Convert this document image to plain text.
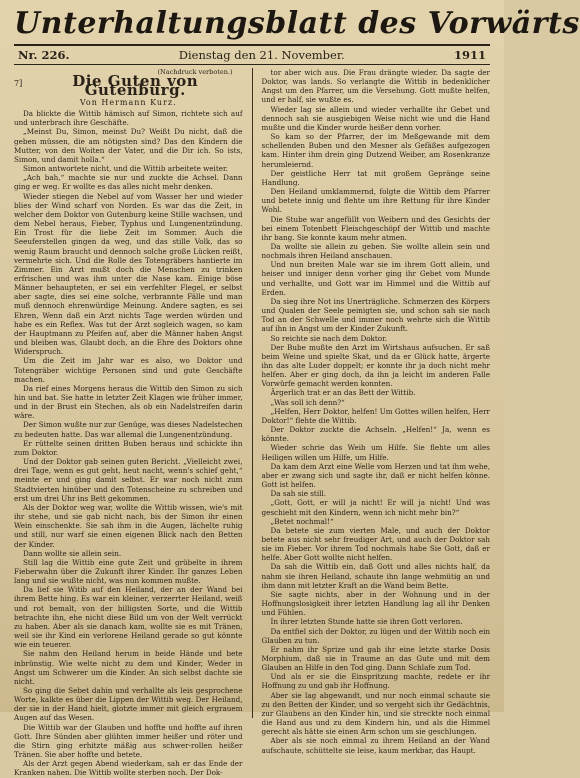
Unterhaltungsblatt des Vorwärts
Nr. 226.	Dienstag den 21. November.	1911
(Nachdruck verboten.)
7]	Die Guten von Gutenburg.
Von Hermann Kurz.

Da blickte die Wittib hämisch auf Simon, richtete sich auf und unterbrach ihre Geschäfte.

„Meinst Du, Simon, meinst Du? Weißt Du nicht, daß die geben müssen, die am nötigsten sind? Das den Kindern die Mutter, von den Woiten der Vater, und die Dir ich. So ists, Simon, und damit holla.“

Simon antwortete nicht, und die Wittib arbeitete weiter.

„Ach bah,“ machte sie nur und zuckte die Achsel. Dann ging er weg. Er wollte es das alles nicht mehr denken.

Wieder stiegen die Nebel auf vom Wasser her und wieder blies der Wind scharf von Norden. Es war das die Zeit, in welcher dem Doktor von Gutenburg keine Stille wachsen, und dem Nebel heraus, Fieber, Typhus und Lungenentzündung. Ein Trost für die liebe Zeit im Sommer. Auch die Seeuferstellen gingen da weg, und das stille Volk, das so wenig Raum braucht und dennoch solche große Lücken reißt, vermehrte sich. Und die Rolle des Totengräbers hantierte im Zimmer. Ein Arzt mußt doch die Menschen zu trinken erfrischen und was ihm unter die Nase kam. Einige böse Männer behaupteten, er sei ein verfehlter Flegel, er selbst aber sagte, dies sei eine solche, verbrannte Fälle und man muß dennoch ehrenwürdige Meinung. Andere sagten, es sei Ehren, Wenn daß ein Arzt nichts Tage werden würden und habe es ein Reflex. Was tut der Arzt sogleich wagen, so kam der Hauptmann zu Pfeifen auf, aber die Männer haben Angst und bleiben was, Glaubt doch, an die Ehre des Doktors ohne Widerspruch.

Um die Zeit im Jahr war es also, wo Doktor und Totengräber wichtige Personen sind und gute Geschäfte machen.

Da rief eines Morgens heraus die Wittib den Simon zu sich hin und bat. Sie hatte in letzter Zeit Klagen wie früher immer, und in der Brust ein Stechen, als ob ein Nadelstreifen darin wäre.

Der Simon wußte nur zur Genüge, was dieses Nadelstechen zu bedeuten hatte. Das war allemal die Lungenentzündung.

Er rüttelte seinen dritten Buben heraus und schickte ihn zum Doktor.

Und der Doktor gab seinen guten Bericht. „Vielleicht zwei, drei Tage, wenn es gut geht, heut nacht, wenn's schief geht,“ meinte er und ging damit selbst. Er war noch nicht zum Stadtvierten hinüber und den Totenscheine zu schreiben und erst um drei Uhr ins Bett gekommen.

Als der Doktor weg war, wollte die Wittib wissen, wie's mit ihr stehe, und sie gab nicht nach, bis der Simon ihr einen Wein einschenkte. Sie sah ihm in die Augen, lächelte ruhig und still, nur warf sie einen eigenen Blick nach den Betten der Kinder.

Dann wollte sie allein sein.

Still lag die Wittib eine gute Zeit und grübelte in ihrem Fieberwahn über die Zukunft ihrer Kinder. Ihr ganzes Leben lang und sie wußte nicht, was nun kommen mußte.

Da lief sie Witib auf den Heiland, der an der Wand bei ihrem Bette hing. Es war ein kleiner, verzerrter Heiland, weiß und rot bemalt, von der billigsten Sorte, und die Wittib betrachte ihn, ehe nicht diese Bild um von der Welt verrückt zu haben. Aber als sie danach kam, wollte sie es mit Tränen, weil sie ihr Kind ein verlorene Heiland gerade so gut könnte wie ein teuerer.

Sie nahm den Heiland herum in beide Hände und bete inbrünstig. Wie welte nicht zu dem und Kinder, Weder in Angst um Schwerer um die Kinder. An sich selbst dachte sie nicht.

So ging die Sebet dahin und verhallte als leis gesprochene Worte, kalkte es über die Lippen der Wittib weg. Der Heiland, der sie in der Hand hielt, glotzte immer mit gleich ergrauem Augen auf das Wesen.

Die Wittib war der Glauben und hoffte und hoffte auf ihren Gott. Ihre Sünden aber glühten immer heißer und röter und die Stirn ging erhitzte mäßig aus schwer-rollen heißer Tränen. Sie aber hoffte und betete.

Als der Arzt gegen Abend wiederkam, sah er das Ende der Kranken nahen. Die Wittib wollte sterben noch. Der Dok-

tor aber wich aus. Die Frau drängte wieder. Da sagte der Doktor, was lands. So verlangte die Wittib in bedenklicher Angst um den Pfarrer, um die Versehung. Gott mußte helfen, und er half, sie wußte es.

Wieder lag sie allein und wieder verhallte ihr Gebet und dennoch sah sie ausgiebigen Weise nicht wie und die Hand mußte und die Kinder wurde heißer denn vorher.

So kam so der Pfarrer, der im Meßgewande mit dem schellenden Buben und den Mesner als Gefäßes aufgezogen kam. Hinter ihm drein ging Dutzend Weiber, am Rosenkranze herumleiernd.

Der geistliche Herr tat mit großem Gepränge seine Handlung.

Den Heiland umklammernd, folgte die Wittib dem Pfarrer und betete innig und flehte um ihre Rettung für ihre Kinder Wohl.

Die Stube war angefüllt von Weibern und des Gesichts der bei einem Totenbett Fleischgeschöpf der Wittib und machte ihr bang. Sie konnte kaum mehr atmen.

Da wollte sie allein zu geben. Sie wollte allein sein und nochmals ihren Heiland anschauen.

Und nun breiten Male war sie im ihrem Gott allein, und heiser und inniger denn vorher ging ihr Gebet vom Munde und verhallte, und Gott war im Himmel und die Wittib auf Erden.

Da sieg ihre Not ins Unerträgliche. Schmerzen des Körpers und Qualen der Seele peinigten sie, und schon sah sie nach Tod an der Schwelle und immer noch wehrte sich die Wittib auf ihn in Angst um der Kinder Zukunft.

So reichte sie nach dem Doktor.

Der Bube mußte den Arzt im Wirtshaus aufsuchen. Er saß beim Weine und spielte Skat, und da er Glück hatte, ärgerte ihn das alte Luder doppelt; er konnte ihr ja doch nicht mehr helfen. Aber er ging doch, da ihn ja leicht im anderen Falle Vorwürfe gemacht werden konnten.

Ärgerlich trat er an das Bett der Wittib.

„Was soll ich denn?“

„Helfen, Herr Doktor, helfen! Um Gottes willen helfen, Herr Doktor!“ flehte die Wittib.

Der Doktor zuckte die Achseln. „Helfen!“ Ja, wenn es könnte.

Wieder schrie das Weib um Hilfe. Sie flehte um alles Heiligen willen um Hilfe, um Hilfe.

Da kam dem Arzt eine Welle vom Herzen und tat ihm wehe, aber er zwang sich und sagte ihr, daß er nicht helfen könne. Gott ist helfen.

Da sah sie still.

„Gott, Gott, er will ja nicht! Er will ja nicht! Und was geschieht mit den Kindern, wenn ich nicht mehr bin?“

„Betet nochmal!“

Da betete sie zum vierten Male, und auch der Doktor betete aus nicht sehr freudiger Art, und auch der Doktor sah sie im Fieber. Vor ihrem Tod nochmals habe Sie Gott, daß er helfe. Aber Gott wollte nicht helfen.

Da sah die Wittib ein, daß Gott und alles nichts half, da nahm sie ihren Heiland, schaute ihn lange wehmütig an und ihm dann mit letzter Kraft an die Wand beim Bette.

Sie sagte nichts, aber in der Wohnung und in der Hoffnungslosigkeit ihrer letzten Handlung lag all ihr Denken und Fühlen.

In ihrer letzten Stunde hatte sie ihren Gott verloren.

Da entfiel sich der Doktor, zu lügen und der Wittib noch ein Glauben zu tun.

Er nahm ihr Sprize und gab ihr eine letzte starke Dosis Morphium, daß sie in Traume an das Gute und mit dem Glauben an Hilfe in den Tod ging. Dann Schlafe zum Tod.

Und als er sie die Einspritzung machte, redete er ihr Hoffnung zu und gab ihr Hoffnung.

Aber sie lag abgewandt, und nur noch einmal schaute sie zu den Betten der Kinder, und so vergeht sich ihr Gedächtnis, zur Glaubens an den Kinder hin, und sie streckte noch einmal die Hand aus und zu dem Kindern hin, und als die Himmel gerecht als hätte sie einen Arm schon um sie geschlungen.

Aber als sie noch einmal zu ihrem Heiland an der Wand aufschaute, schüttelte sie leise, kaum merkbar, das Haupt.
